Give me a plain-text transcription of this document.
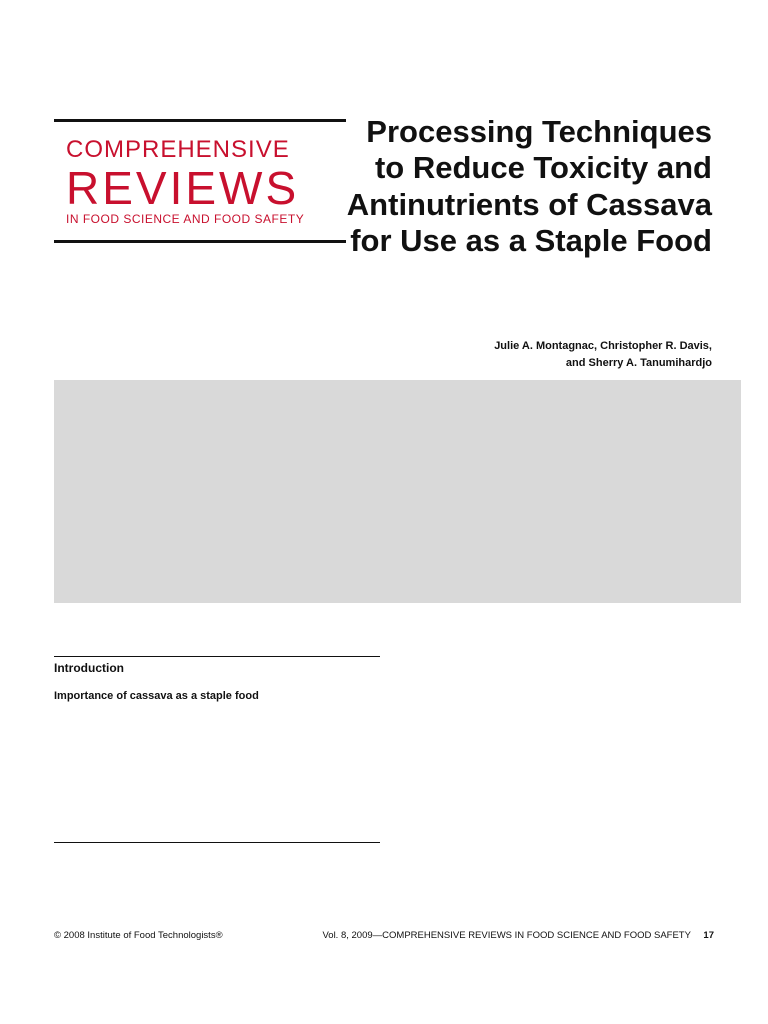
COMPREHENSIVE
REVIEWS
IN FOOD SCIENCE AND FOOD SAFETY
Processing Techniques to Reduce Toxicity and Antinutrients of Cassava for Use as a Staple Food
Julie A. Montagnac, Christopher R. Davis,
and Sherry A. Tanumihardjo
Introduction
Importance of cassava as a staple food
© 2008 Institute of Food Technologists®	Vol. 8, 2009—COMPREHENSIVE REVIEWS IN FOOD SCIENCE AND FOOD SAFETY 17
